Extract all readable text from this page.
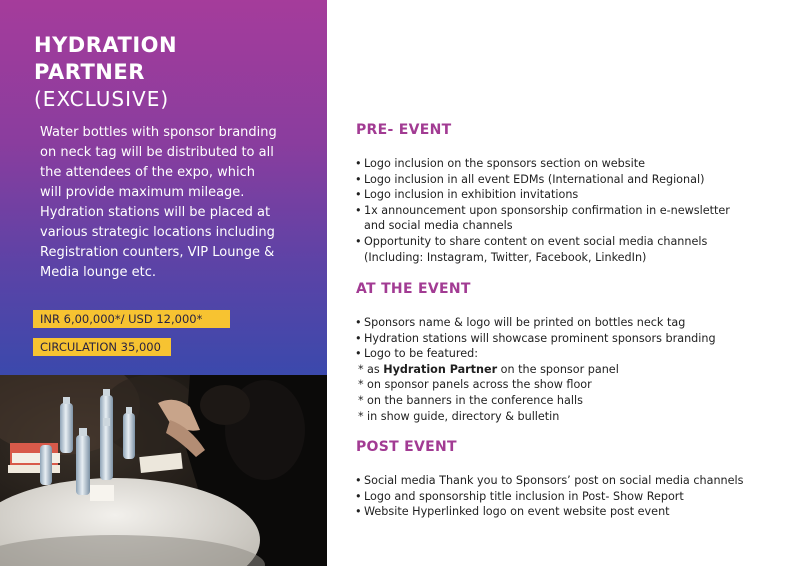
HYDRATION
PARTNER
(EXCLUSIVE)
Water bottles with sponsor branding on neck tag will be distributed to all the attendees of the expo, which will provide maximum mileage. Hydration stations will be placed at various strategic locations including Registration counters, VIP Lounge & Media lounge etc.
INR 6,00,000*/ USD 12,000*
CIRCULATION 35,000
PRE- EVENT
• Logo inclusion on the sponsors section on website
• Logo inclusion in all event EDMs (International and Regional)
• Logo inclusion in exhibition invitations
• 1x announcement upon sponsorship confirmation in e-newsletter
and social media channels
• Opportunity to share content on event social media channels
(Including: Instagram, Twitter, Facebook, LinkedIn)
AT THE EVENT
• Sponsors name & logo will be printed on bottles neck tag
• Hydration stations will showcase prominent sponsors branding
• Logo to be featured:
* as Hydration Partner on the sponsor panel
* on sponsor panels across the show floor
* on the banners in the conference halls
* in show guide, directory & bulletin
POST EVENT
• Social media Thank you to Sponsors’ post on social media channels
• Logo and sponsorship title inclusion in Post- Show Report
• Website Hyperlinked logo on event website post event
